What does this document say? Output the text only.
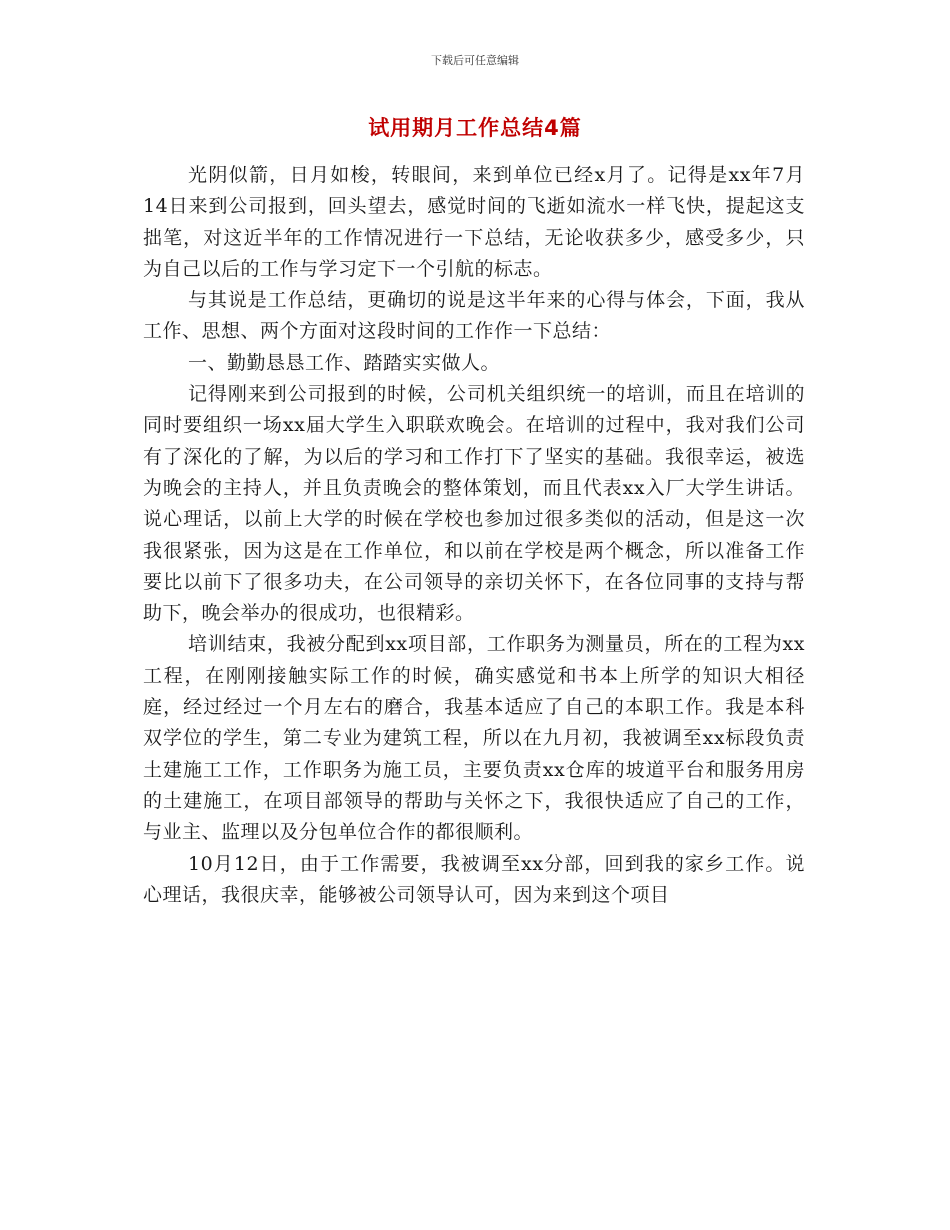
下载后可任意编辑
试用期月工作总结4篇

光阴似箭，日月如梭，转眼间，来到单位已经x月了。记得是xx年7月14日来到公司报到，回头望去，感觉时间的飞逝如流水一样飞快，提起这支拙笔，对这近半年的工作情况进行一下总结，无论收获多少，感受多少，只为自己以后的工作与学习定下一个引航的标志。

与其说是工作总结，更确切的说是这半年来的心得与体会，下面，我从工作、思想、两个方面对这段时间的工作作一下总结：

一、勤勤恳恳工作、踏踏实实做人。

记得刚来到公司报到的时候，公司机关组织统一的培训，而且在培训的同时要组织一场xx届大学生入职联欢晚会。在培训的过程中，我对我们公司有了深化的了解，为以后的学习和工作打下了坚实的基础。我很幸运，被选为晚会的主持人，并且负责晚会的整体策划，而且代表xx入厂大学生讲话。说心理话，以前上大学的时候在学校也参加过很多类似的活动，但是这一次我很紧张，因为这是在工作单位，和以前在学校是两个概念，所以准备工作要比以前下了很多功夫，在公司领导的亲切关怀下，在各位同事的支持与帮助下，晚会举办的很成功，也很精彩。

培训结束，我被分配到xx项目部，工作职务为测量员，所在的工程为xx工程，在刚刚接触实际工作的时候，确实感觉和书本上所学的知识大相径庭，经过经过一个月左右的磨合，我基本适应了自己的本职工作。我是本科双学位的学生，第二专业为建筑工程，所以在九月初，我被调至xx标段负责土建施工工作，工作职务为施工员，主要负责xx仓库的坡道平台和服务用房的土建施工，在项目部领导的帮助与关怀之下，我很快适应了自己的工作，与业主、监理以及分包单位合作的都很顺利。

10月12日，由于工作需要，我被调至xx分部，回到我的家乡工作。说心理话，我很庆幸，能够被公司领导认可，因为来到这个项目
